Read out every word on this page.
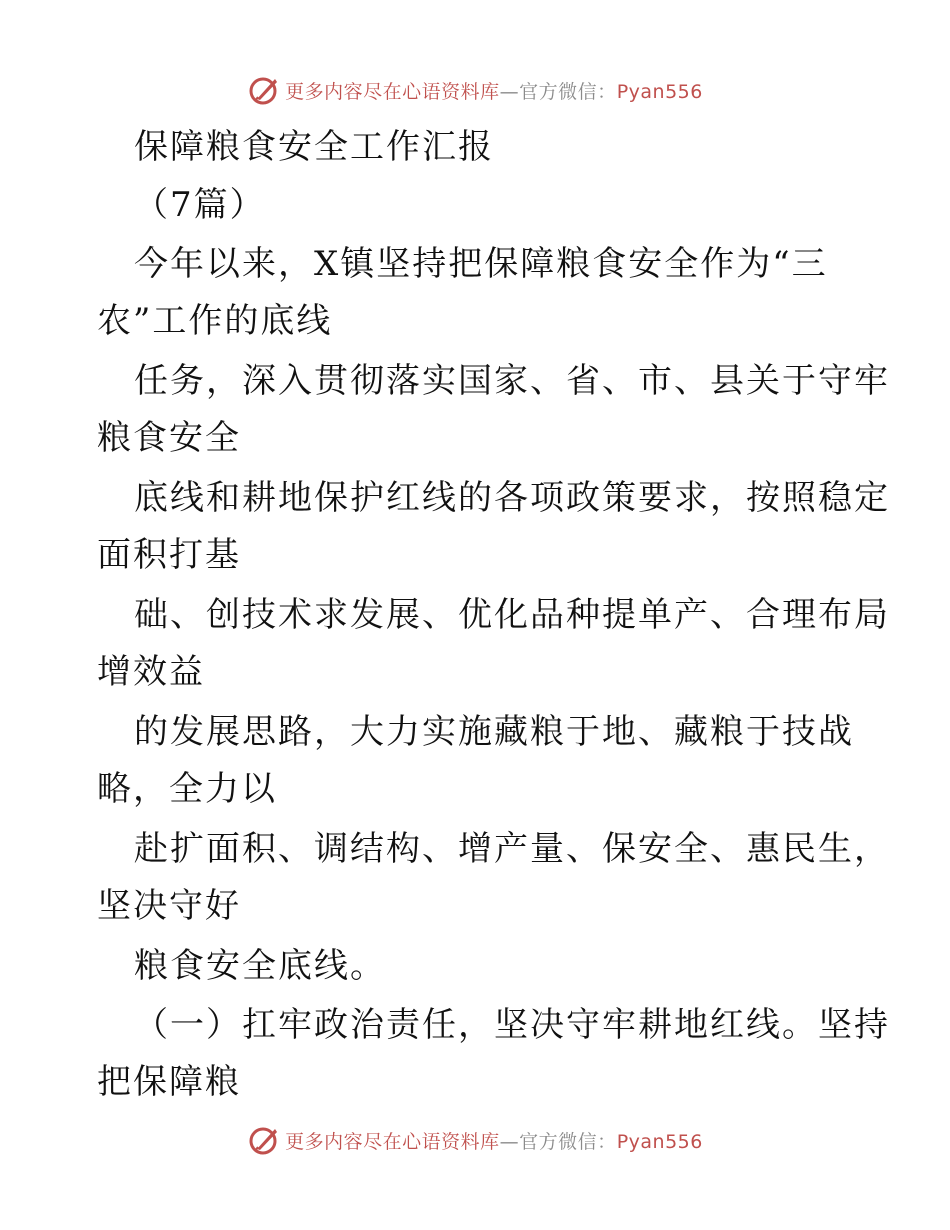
更多内容尽在心语资料库—官方微信：Pyan556
保障粮食安全工作汇报
（7篇）
今年以来，X镇坚持把保障粮食安全作为“三
农”工作的底线
任务，深入贯彻落实国家、省、市、县关于守牢
粮食安全
底线和耕地保护红线的各项政策要求，按照稳定
面积打基
础、创技术求发展、优化品种提单产、合理布局
增效益
的发展思路，大力实施藏粮于地、藏粮于技战
略，全力以
赴扩面积、调结构、增产量、保安全、惠民生，
坚决守好
粮食安全底线。
（一）扛牢政治责任，坚决守牢耕地红线。坚持
把保障粮
更多内容尽在心语资料库—官方微信：Pyan556
